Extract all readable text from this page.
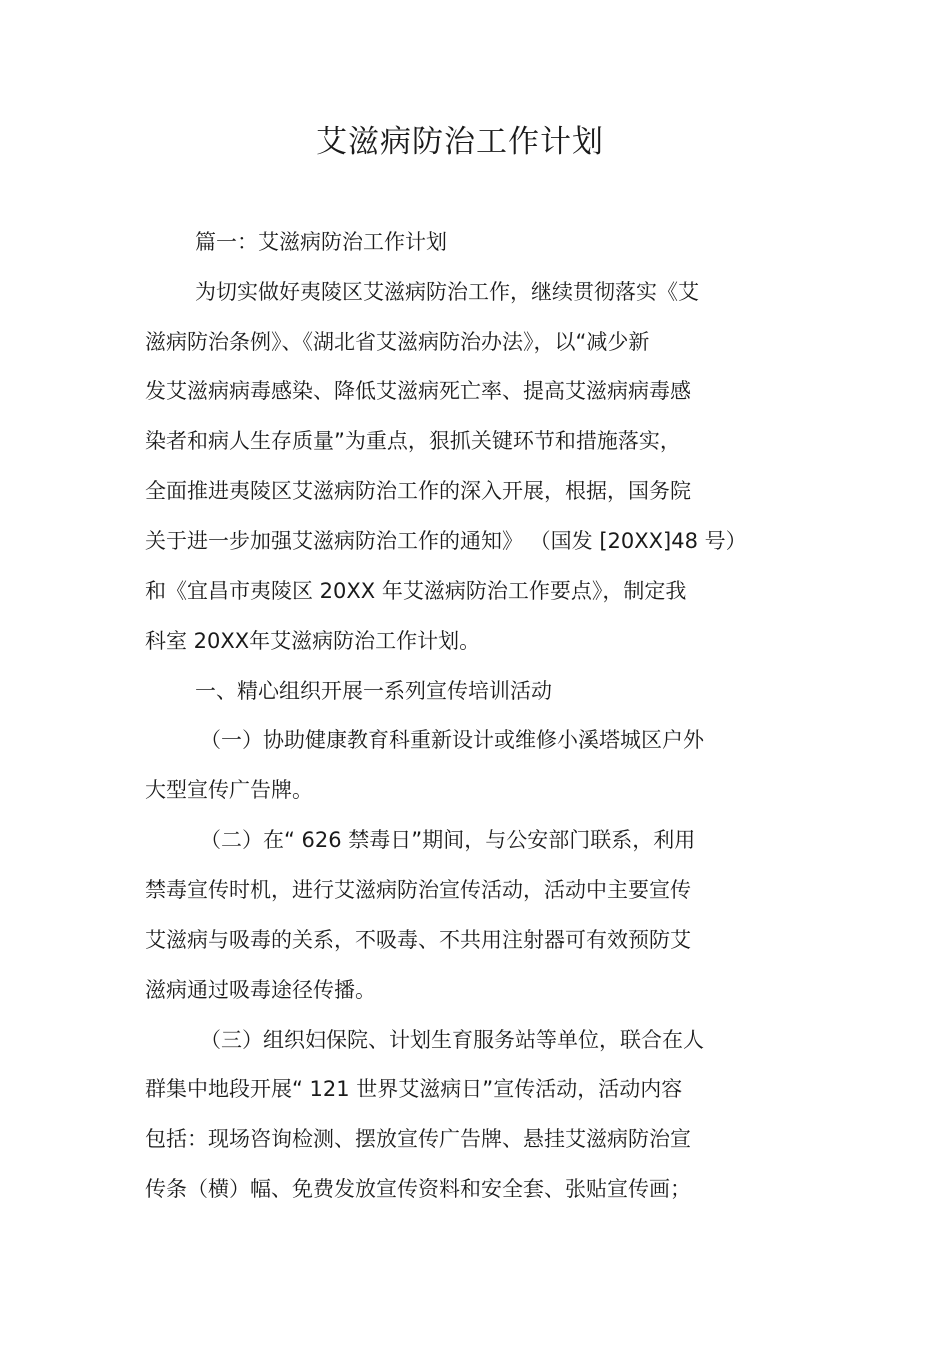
艾滋病防治工作计划
篇一：艾滋病防治工作计划
为切实做好夷陵区艾滋病防治工作，继续贯彻落实《艾
滋病防治条例》、《湖北省艾滋病防治办法》，以“减少新
发艾滋病病毒感染、降低艾滋病死亡率、提高艾滋病病毒感
染者和病人生存质量”为重点，狠抓关键环节和措施落实，
全面推进夷陵区艾滋病防治工作的深入开展，根据，国务院
关于进一步加强艾滋病防治工作的通知》 （国发 [20XX]48 号）
和《宜昌市夷陵区 20XX 年艾滋病防治工作要点》，制定我
科室 20XX年艾滋病防治工作计划。
一、精心组织开展一系列宣传培训活动
（一）协助健康教育科重新设计或维修小溪塔城区户外
大型宣传广告牌。
（二）在“ 626 禁毒日”期间，与公安部门联系，利用
禁毒宣传时机，进行艾滋病防治宣传活动，活动中主要宣传
艾滋病与吸毒的关系，不吸毒、不共用注射器可有效预防艾
滋病通过吸毒途径传播。
（三）组织妇保院、计划生育服务站等单位，联合在人
群集中地段开展“ 121 世界艾滋病日”宣传活动，活动内容
包括：现场咨询检测、摆放宣传广告牌、悬挂艾滋病防治宣
传条（横）幅、免费发放宣传资料和安全套、张贴宣传画；
